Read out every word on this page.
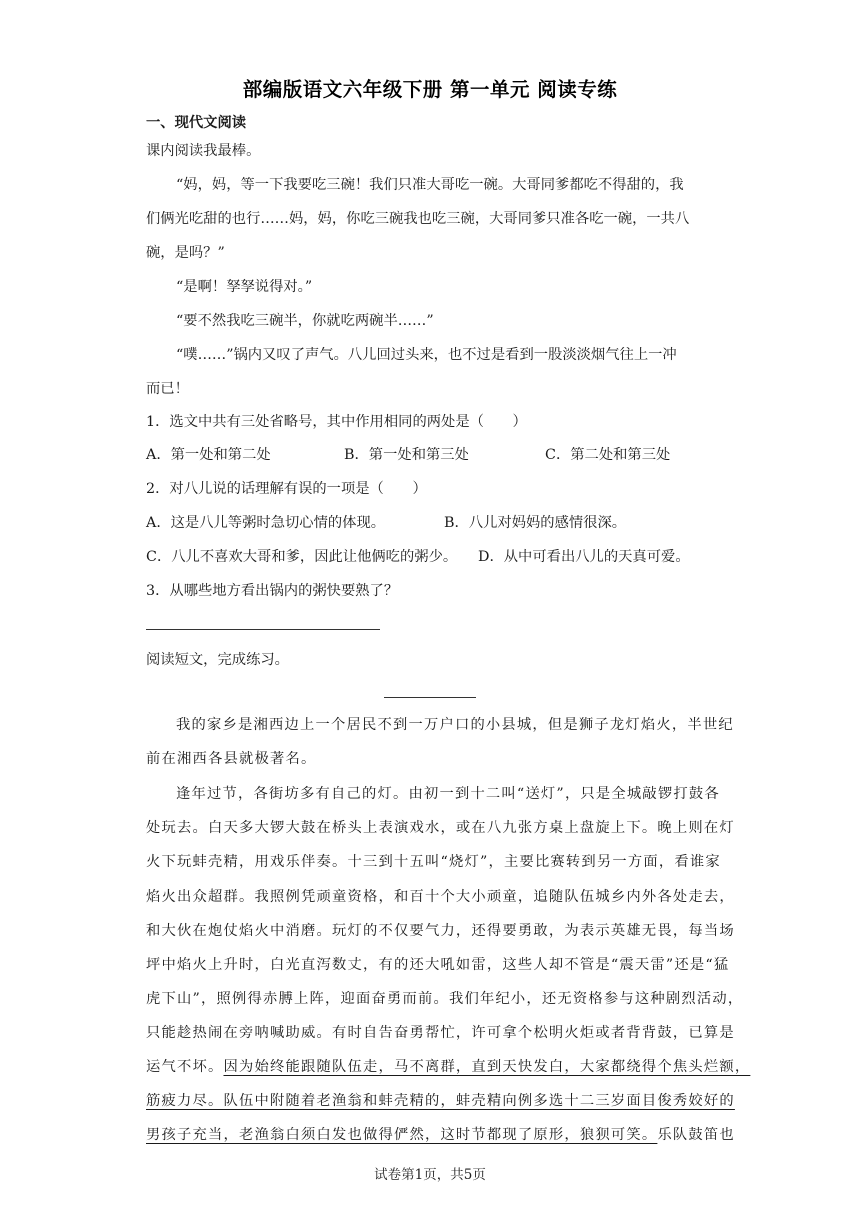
部编版语文六年级下册 第一单元 阅读专练
一、现代文阅读
课内阅读我最棒。
“妈，妈，等一下我要吃三碗！我们只准大哥吃一碗。大哥同爹都吃不得甜的，我
们俩光吃甜的也行……妈，妈，你吃三碗我也吃三碗，大哥同爹只准各吃一碗，一共八
碗，是吗？”
“是啊！孥孥说得对。”
“要不然我吃三碗半，你就吃两碗半……”
“噗……”锅内又叹了声气。八儿回过头来，也不过是看到一股淡淡烟气往上一冲
而已！
1．选文中共有三处省略号，其中作用相同的两处是（　　）
A．第一处和第二处	B．第一处和第三处	C．第二处和第三处
2．对八儿说的话理解有误的一项是（　　）
A．这是八儿等粥时急切心情的体现。	B．八儿对妈妈的感情很深。
C．八儿不喜欢大哥和爹，因此让他俩吃的粥少。 D．从中可看出八儿的天真可爱。
3．从哪些地方看出锅内的粥快要熟了？
阅读短文，完成练习。
我的家乡是湘西边上一个居民不到一万户口的小县城，但是狮子龙灯焰火，半世纪
前在湘西各县就极著名。
逢年过节，各街坊多有自己的灯。由初一到十二叫“送灯”，只是全城敲锣打鼓各
处玩去。白天多大锣大鼓在桥头上表演戏水，或在八九张方桌上盘旋上下。晚上则在灯
火下玩蚌壳精，用戏乐伴奏。十三到十五叫“烧灯”，主要比赛转到另一方面，看谁家
焰火出众超群。我照例凭顽童资格，和百十个大小顽童，追随队伍城乡内外各处走去，
和大伙在炮仗焰火中消磨。玩灯的不仅要气力，还得要勇敢，为表示英雄无畏，每当场
坪中焰火上升时，白光直泻数丈，有的还大吼如雷，这些人却不管是“震天雷”还是“猛
虎下山”，照例得赤膊上阵，迎面奋勇而前。我们年纪小，还无资格参与这种剧烈活动，
只能趁热闹在旁呐喊助威。有时自告奋勇帮忙，许可拿个松明火炬或者背背鼓，已算是
运气不坏。因为始终能跟随队伍走，马不离群，直到天快发白，大家都绕得个焦头烂额，
筋疲力尽。队伍中附随着老渔翁和蚌壳精的，蚌壳精向例多选十二三岁面目俊秀姣好的
男孩子充当，老渔翁白须白发也做得俨然，这时节都现了原形，狼狈可笑。乐队鼓笛也
试卷第1页，共5页
